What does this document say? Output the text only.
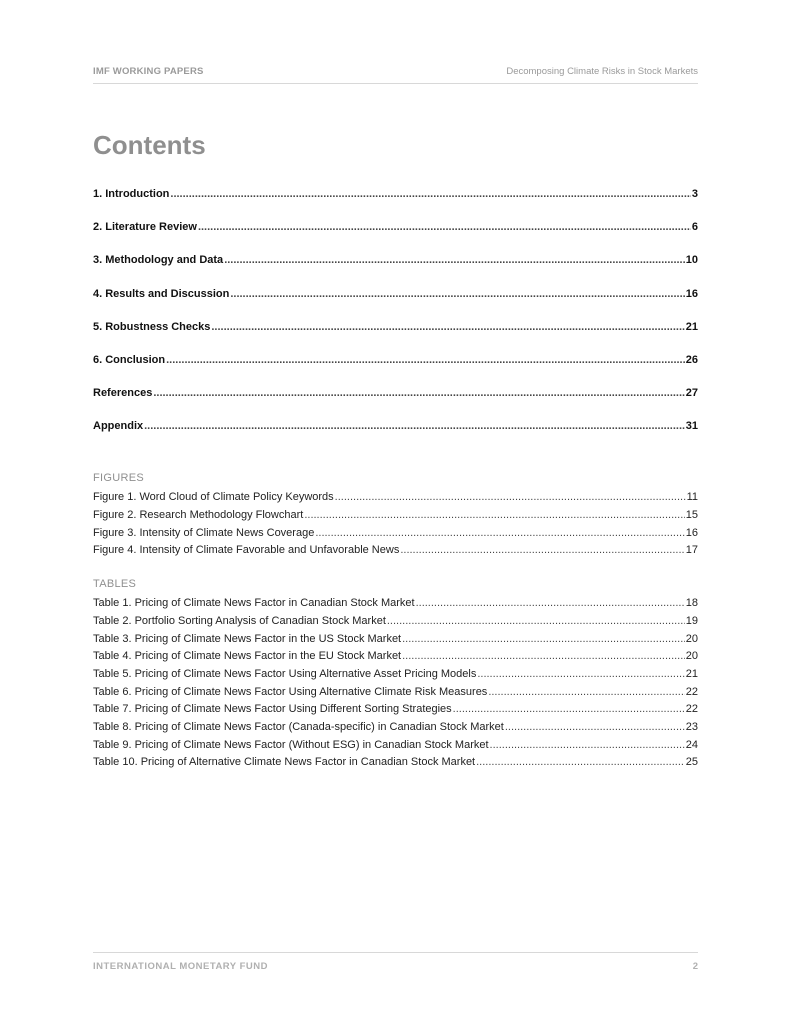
IMF WORKING PAPERS	Decomposing Climate Risks in Stock Markets
Contents
1. Introduction .....	3
2. Literature Review .....	6
3. Methodology and Data .....	10
4. Results and Discussion .....	16
5. Robustness Checks .....	21
6. Conclusion .....	26
References .....	27
Appendix .....	31
FIGURES
Figure 1. Word Cloud of Climate Policy Keywords .....	11
Figure 2. Research Methodology Flowchart .....	15
Figure 3. Intensity of Climate News Coverage .....	16
Figure 4. Intensity of Climate Favorable and Unfavorable News .....	17
TABLES
Table 1. Pricing of Climate News Factor in Canadian Stock Market .....	18
Table 2. Portfolio Sorting Analysis of Canadian Stock Market .....	19
Table 3. Pricing of Climate News Factor in the US Stock Market .....	20
Table 4. Pricing of Climate News Factor in the EU Stock Market .....	20
Table 5. Pricing of Climate News Factor Using Alternative Asset Pricing Models .....	21
Table 6. Pricing of Climate News Factor Using Alternative Climate Risk Measures .....	22
Table 7. Pricing of Climate News Factor Using Different Sorting Strategies .....	22
Table 8. Pricing of Climate News Factor (Canada-specific) in Canadian Stock Market .....	23
Table 9. Pricing of Climate News Factor (Without ESG) in Canadian Stock Market .....	24
Table 10. Pricing of Alternative Climate News Factor in Canadian Stock Market .....	25
INTERNATIONAL MONETARY FUND	2
